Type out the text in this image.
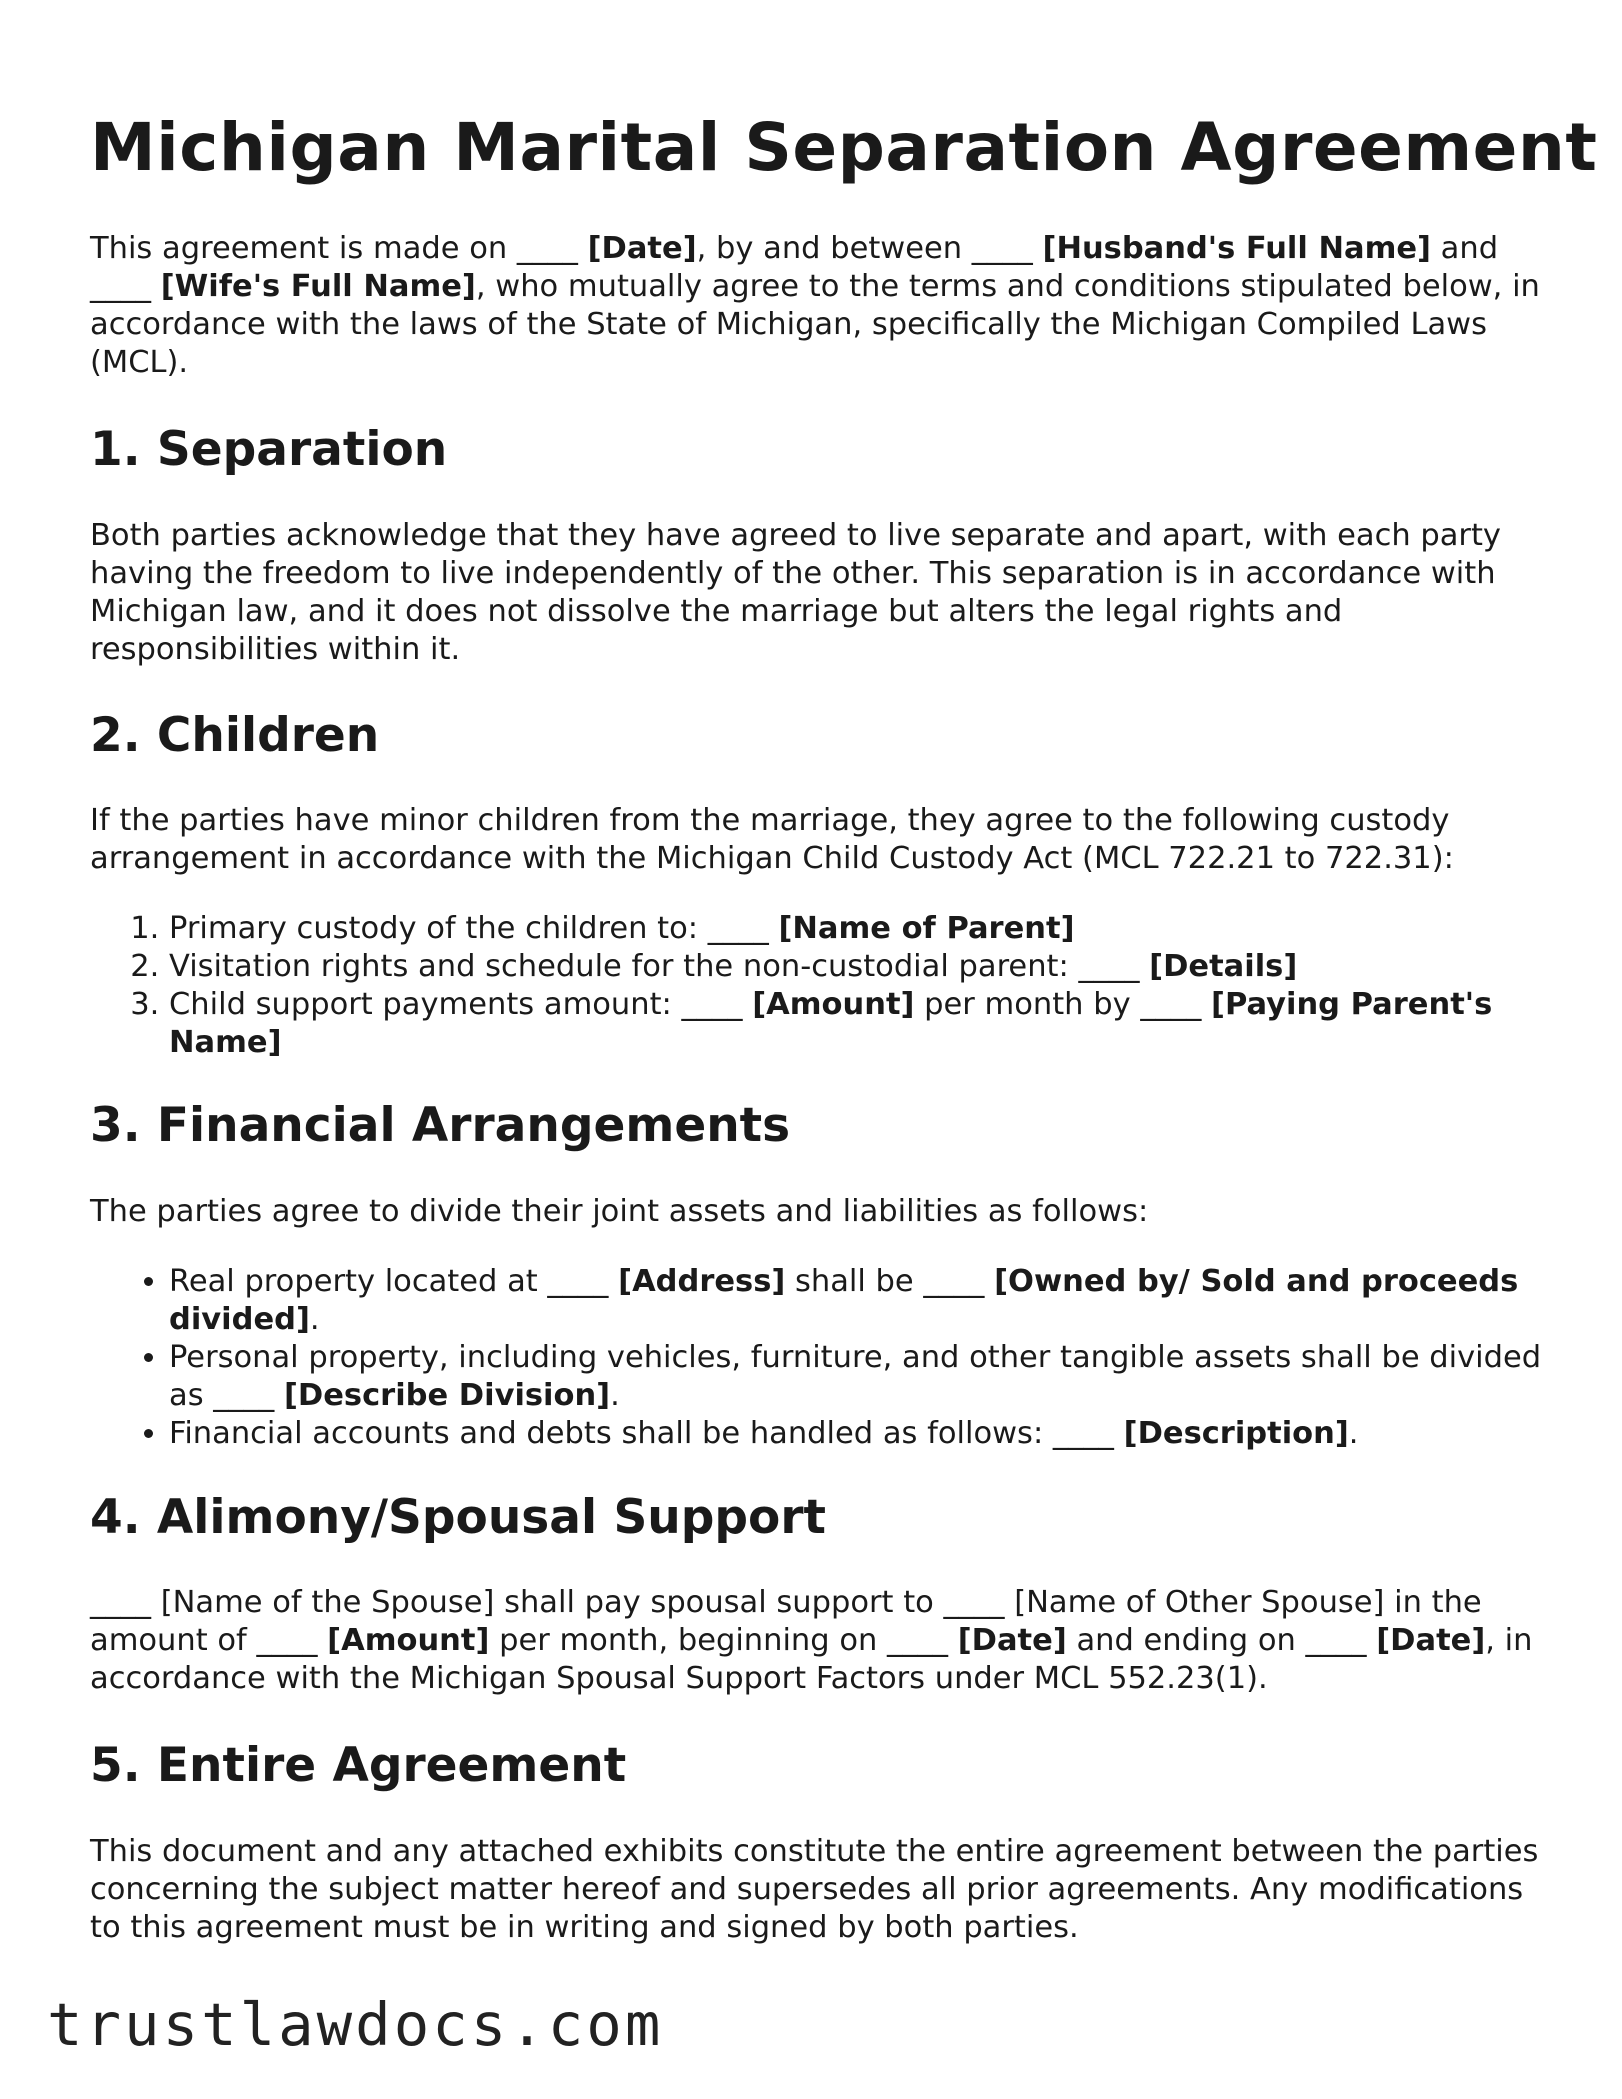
Michigan Marital Separation Agreement

This agreement is made on ____ [Date], by and between ____ [Husband's Full Name] and ____ [Wife's Full Name], who mutually agree to the terms and conditions stipulated below, in accordance with the laws of the State of Michigan, specifically the Michigan Compiled Laws (MCL).

1. Separation

Both parties acknowledge that they have agreed to live separate and apart, with each party having the freedom to live independently of the other. This separation is in accordance with Michigan law, and it does not dissolve the marriage but alters the legal rights and responsibilities within it.

2. Children

If the parties have minor children from the marriage, they agree to the following custody arrangement in accordance with the Michigan Child Custody Act (MCL 722.21 to 722.31):

1. Primary custody of the children to: ____ [Name of Parent]
2. Visitation rights and schedule for the non-custodial parent: ____ [Details]
3. Child support payments amount: ____ [Amount] per month by ____ [Paying Parent's Name]
3. Financial Arrangements

The parties agree to divide their joint assets and liabilities as follows:

• Real property located at ____ [Address] shall be ____ [Owned by/ Sold and proceeds divided].
• Personal property, including vehicles, furniture, and other tangible assets shall be divided as ____ [Describe Division].
• Financial accounts and debts shall be handled as follows: ____ [Description].
4. Alimony/Spousal Support

____ [Name of the Spouse] shall pay spousal support to ____ [Name of Other Spouse] in the amount of ____ [Amount] per month, beginning on ____ [Date] and ending on ____ [Date], in accordance with the Michigan Spousal Support Factors under MCL 552.23(1).

5. Entire Agreement

This document and any attached exhibits constitute the entire agreement between the parties concerning the subject matter hereof and supersedes all prior agreements. Any modifications to this agreement must be in writing and signed by both parties.

trustlawdocs.com
